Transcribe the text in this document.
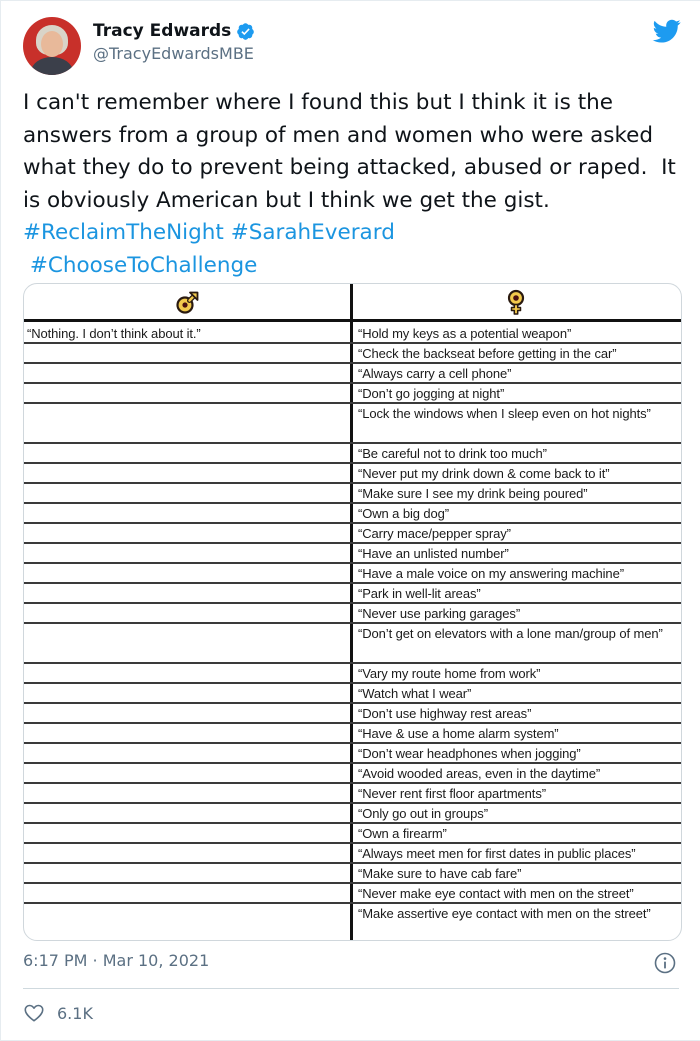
Tracy Edwards
@TracyEdwardsMBE
I can't remember where I found this but I think it is the answers from a group of men and women who were asked what they do to prevent being attacked, abused or raped.  It is obviously American but I think we get the gist. #ReclaimTheNight #SarahEverard
#ChooseToChallenge
“Nothing. I don’t think about it.”	“Hold my keys as a potential weapon”
“Check the backseat before getting in the car”
“Always carry a cell phone”
“Don’t go jogging at night”
“Lock the windows when I sleep even on hot nights”
“Be careful not to drink too much”
“Never put my drink down & come back to it”
“Make sure I see my drink being poured”
“Own a big dog”
“Carry mace/pepper spray”
“Have an unlisted number”
“Have a male voice on my answering machine”
“Park in well-lit areas”
“Never use parking garages”
“Don’t get on elevators with a lone man/group of men”
“Vary my route home from work”
“Watch what I wear”
“Don’t use highway rest areas”
“Have & use a home alarm system”
“Don’t wear headphones when jogging”
“Avoid wooded areas, even in the daytime”
“Never rent first floor apartments”
“Only go out in groups”
“Own a firearm”
“Always meet men for first dates in public places”
“Make sure to have cab fare”
“Never make eye contact with men on the street”
“Make assertive eye contact with men on the street”
6:17 PM · Mar 10, 2021
6.1K
